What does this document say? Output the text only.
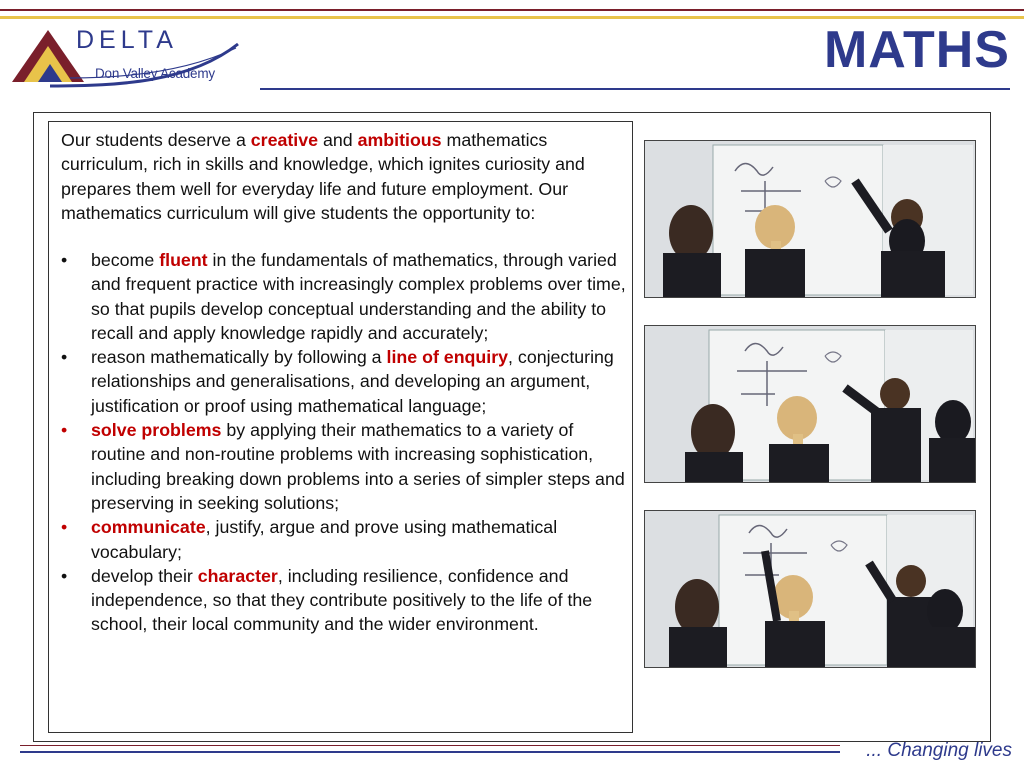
DELTA
Don Valley Academy	MATHS
Our students deserve a creative and ambitious mathematics curriculum, rich in skills and knowledge, which ignites curiosity and prepares them well for everyday life and future employment. Our mathematics curriculum will give students the opportunity to:
•	become fluent in the fundamentals of mathematics, through varied and frequent practice with increasingly complex problems over time, so that pupils develop conceptual understanding and the ability to recall and apply knowledge rapidly and accurately;
•	reason mathematically by following a line of enquiry, conjecturing relationships and generalisations, and developing an argument, justification or proof using mathematical language;
•	solve problems by applying their mathematics to a variety of routine and non-routine problems with increasing sophistication, including breaking down problems into a series of simpler steps and preserving in seeking solutions;
•	communicate, justify, argue and prove using mathematical vocabulary;
•	develop their character, including resilience, confidence and independence, so that they contribute positively to the life of the school, their local community and the wider environment.
... Changing lives
